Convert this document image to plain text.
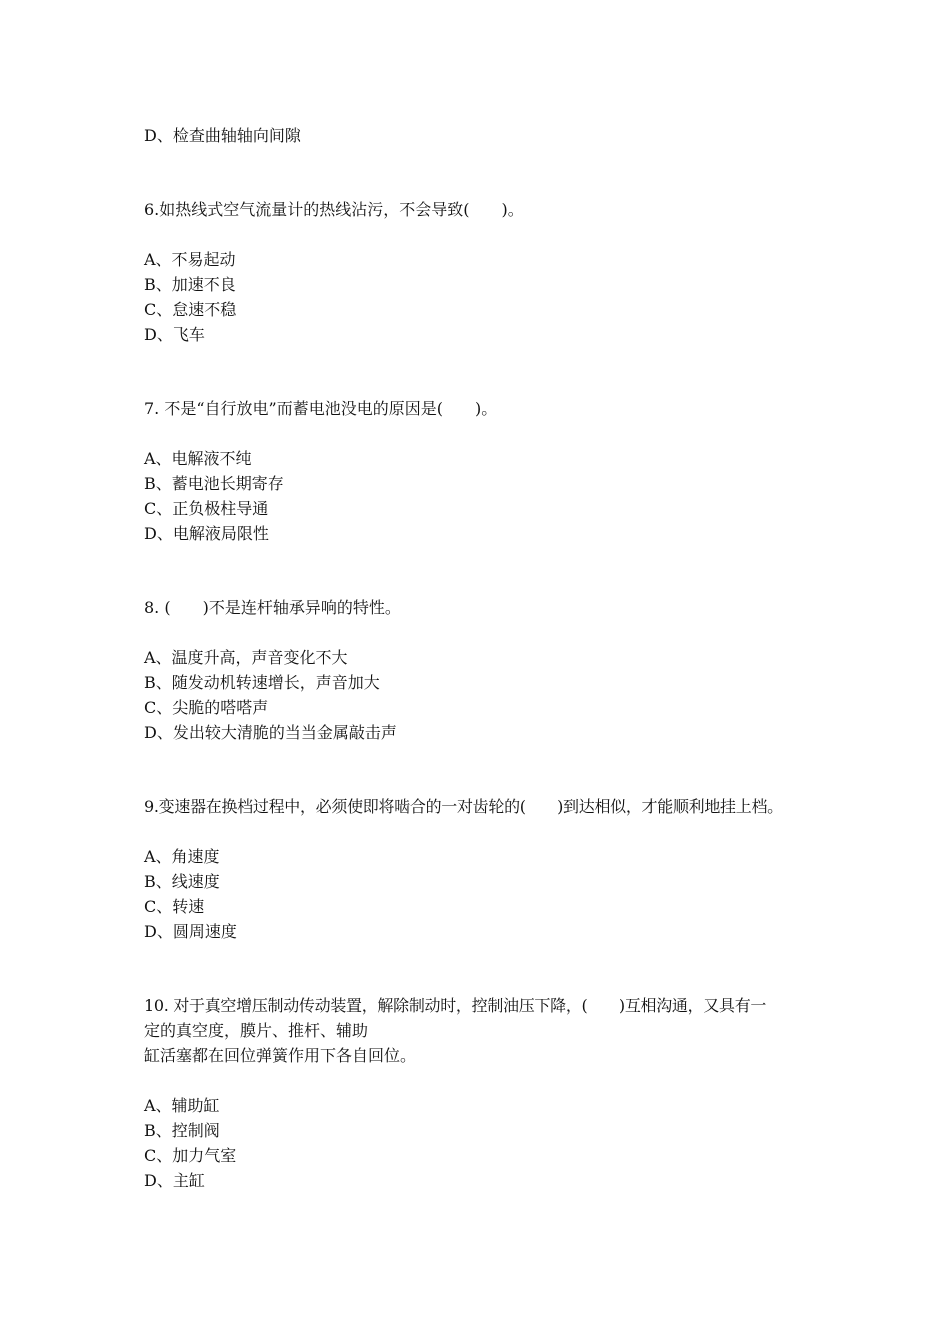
D、检查曲轴轴向间隙
6.如热线式空气流量计的热线沾污，不会导致(　　)。
A、不易起动
B、加速不良
C、怠速不稳
D、飞车
7. 不是“自行放电”而蓄电池没电的原因是(　　)。
A、电解液不纯
B、蓄电池长期寄存
C、正负极柱导通
D、电解液局限性
8. (　　)不是连杆轴承异响的特性。
A、温度升高，声音变化不大
B、随发动机转速增长，声音加大
C、尖脆的嗒嗒声
D、发出较大清脆的当当金属敲击声
9.变速器在换档过程中，必须使即将啮合的一对齿轮的(　　)到达相似，才能顺利地挂上档。
A、角速度
B、线速度
C、转速
D、圆周速度
10. 对于真空增压制动传动装置，解除制动时，控制油压下降，(　　)互相沟通，又具有一
定的真空度，膜片、推杆、辅助
缸活塞都在回位弹簧作用下各自回位。
A、辅助缸
B、控制阀
C、加力气室
D、主缸
